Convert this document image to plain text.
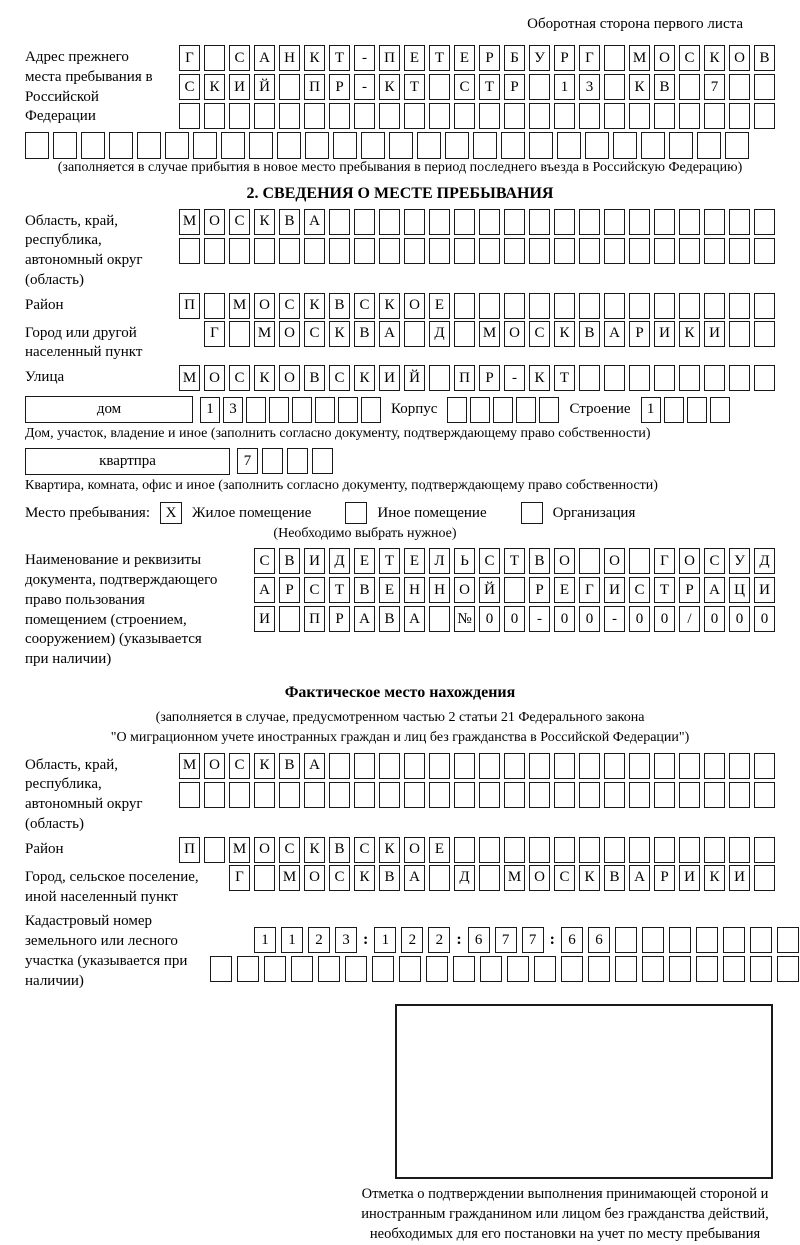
Оборотная сторона первого листа
Адрес прежнего места пребывания в Российской Федерации
Г	С А Н К	Т	-	П Е	Т	Е	Р	Б	У	Р	Г	М О С К О В
С К И Й	П	Р	-	К	Т	С	Т	Р	1	3	К В	7
(заполняется в случае прибытия в новое место пребывания в период последнего въезда в Российскую Федерацию)
2. СВЕДЕНИЯ О МЕСТЕ ПРЕБЫВАНИЯ
Область, край, республика, автономный округ (область)
М О С К В А
Район	П	М О С К В С К О Е
Город или другой населенный пункт
Г	М О С К В А	Д	М О С К В А	Р	И К И
Улица	М О С К О В С К И Й	П	Р	-	К	Т
дом	1	3	Корпус	Строение	1
Дом, участок, владение и иное (заполнить согласно документу, подтверждающему право собственности)
квартпра	7
Квартира, комната, офис и иное (заполнить согласно документу, подтверждающему право собственности)
Место пребывания:	X	Жилое помещение	Иное помещение	Организация
(Необходимо выбрать нужное)
Наименование и реквизиты документа, подтверждающего право пользования помещением (строением, сооружением) (указывается при наличии)
С В И Д	Е	Т	Е	Л	Ь	С	Т	В О	О	Г	О С У Д
А	Р	С	Т	В	Е	Н Н О Й	Р	Е	Г	И С	Т	Р	А Ц И
И	П	Р	А В А	№ 0	0	-	0	0	-	0	0	/	0	0	0
Фактическое место нахождения
(заполняется в случае, предусмотренном частью 2 статьи 21 Федерального закона
"О миграционном учете иностранных граждан и лиц без гражданства в Российской Федерации")
Область, край, республика, автономный округ (область)
М О С К В А
Район	П	М О С К В С К О Е
Город, сельское поселение, иной населенный пункт
Г	М О С К В А	Д	М О С К В А	Р	И К И
Кадастровый номер земельного или лесного участка (указывается при наличии)
1	1	2	3 : 1	2	2 : 6	7	7 : 6	6
Отметка о подтверждении выполнения принимающей стороной и иностранным гражданином или лицом без гражданства действий, необходимых для его постановки на учет по месту пребывания
